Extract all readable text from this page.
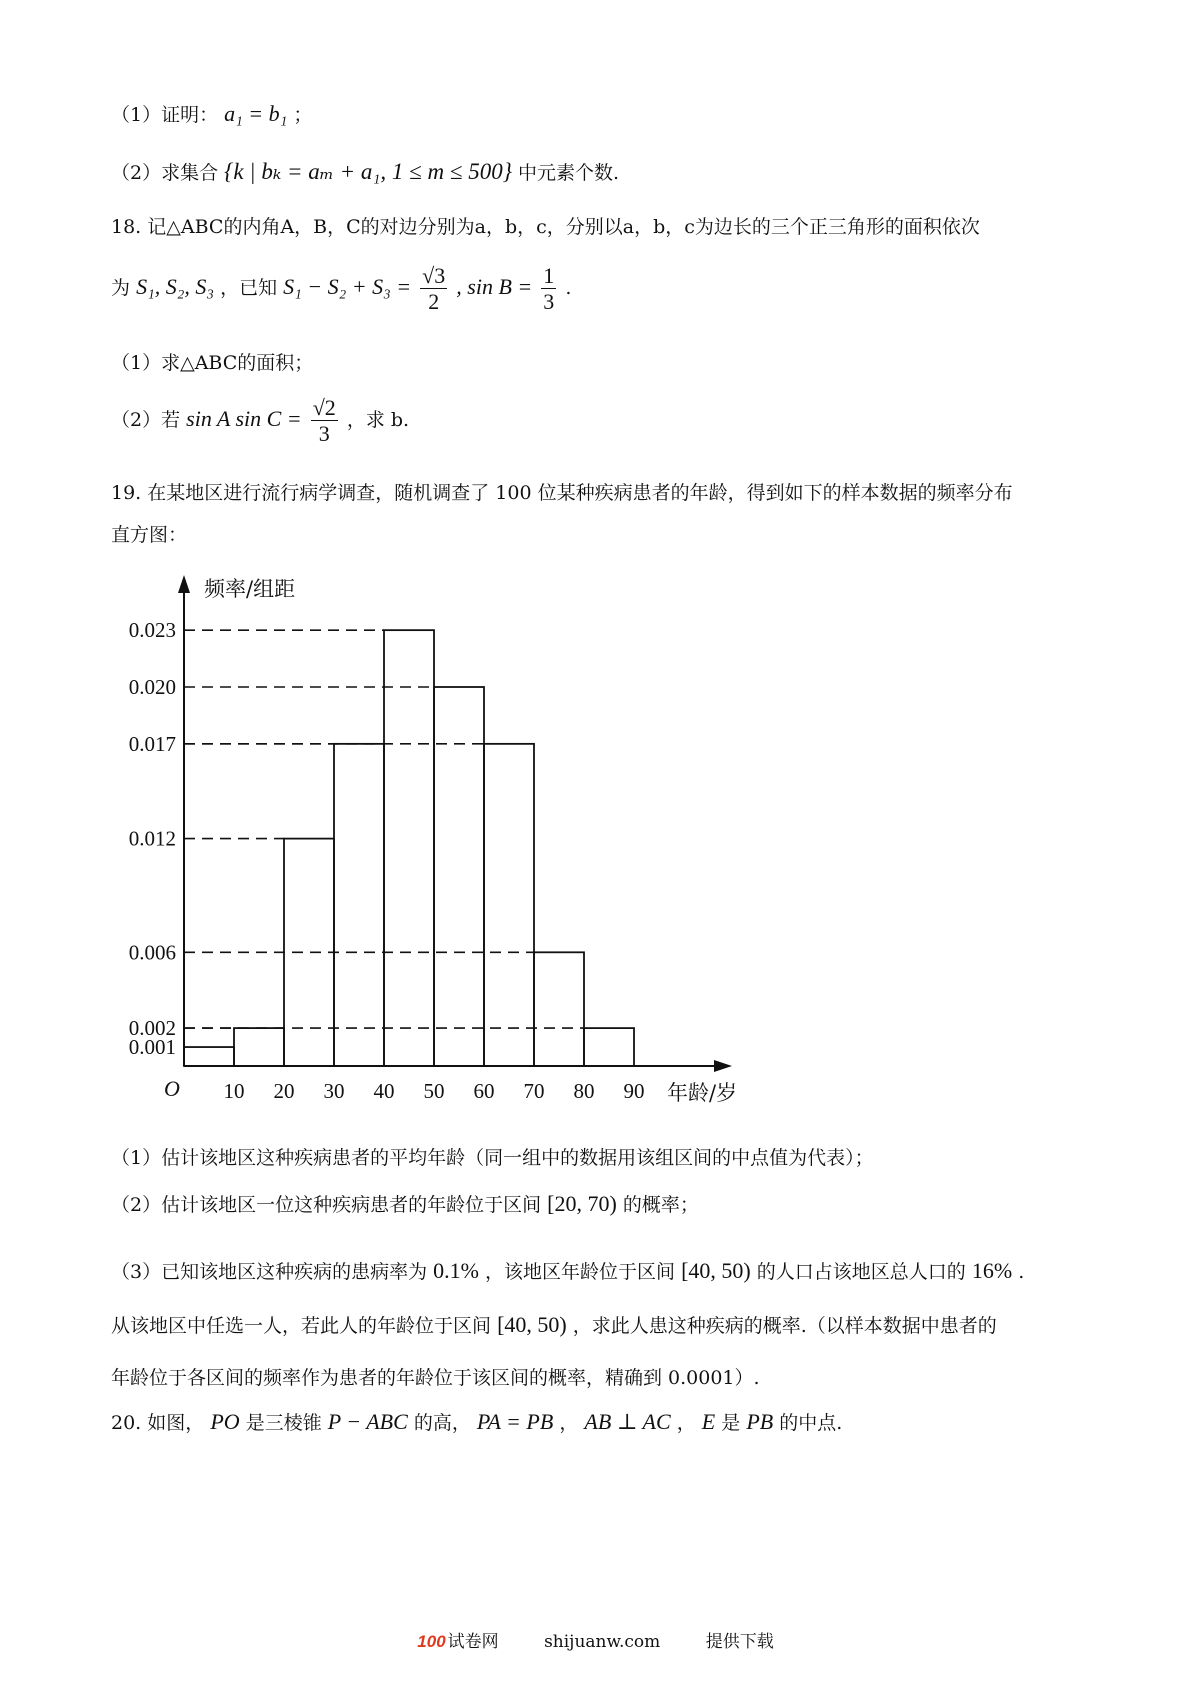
（1）证明： a₁ = b₁ ；
（2）求集合 {k | bₖ = aₘ + a₁, 1 ≤ m ≤ 500} 中元素个数.
18. 记△ABC的内角A，B，C的对边分别为a，b，c，分别以a，b，c为边长的三个正三角形的面积依次
为 S₁, S₂, S₃ ，已知 $S_1 - S_2 + S_3 = \frac{√3}{2}$ , $\sin B = \frac{1}{3}$ .
（1）求△ABC的面积；
（2）若 sin A $\sin C = \frac{√2}{3}$ ，求 b.
19. 在某地区进行流行病学调查，随机调查了 100 位某种疾病患者的年龄，得到如下的样本数据的频率分布
直方图：
0.001
0.002
0.006
0.012
0.017
0.020
0.023
10 20 30 40 50 60 70 80 90
O
频率/组距
年龄/岁
（1）估计该地区这种疾病患者的平均年龄（同一组中的数据用该组区间的中点值为代表）；
（2）估计该地区一位这种疾病患者的年龄位于区间 [20, 70) 的概率；
（3）已知该地区这种疾病的患病率为 0.1% ，该地区年龄位于区间 [40, 50) 的人口占该地区总人口的 16% .
从该地区中任选一人，若此人的年龄位于区间 [40, 50) ，求此人患这种疾病的概率.（以样本数据中患者的
年龄位于各区间的频率作为患者的年龄位于该区间的概率，精确到 0.0001）.
20. 如图， PO 是三棱锥 P − ABC 的高， PA = PB ， AB ⊥ AC ， E 是 PB 的中点.
100 试卷网	shijuanw.com	提供下载
